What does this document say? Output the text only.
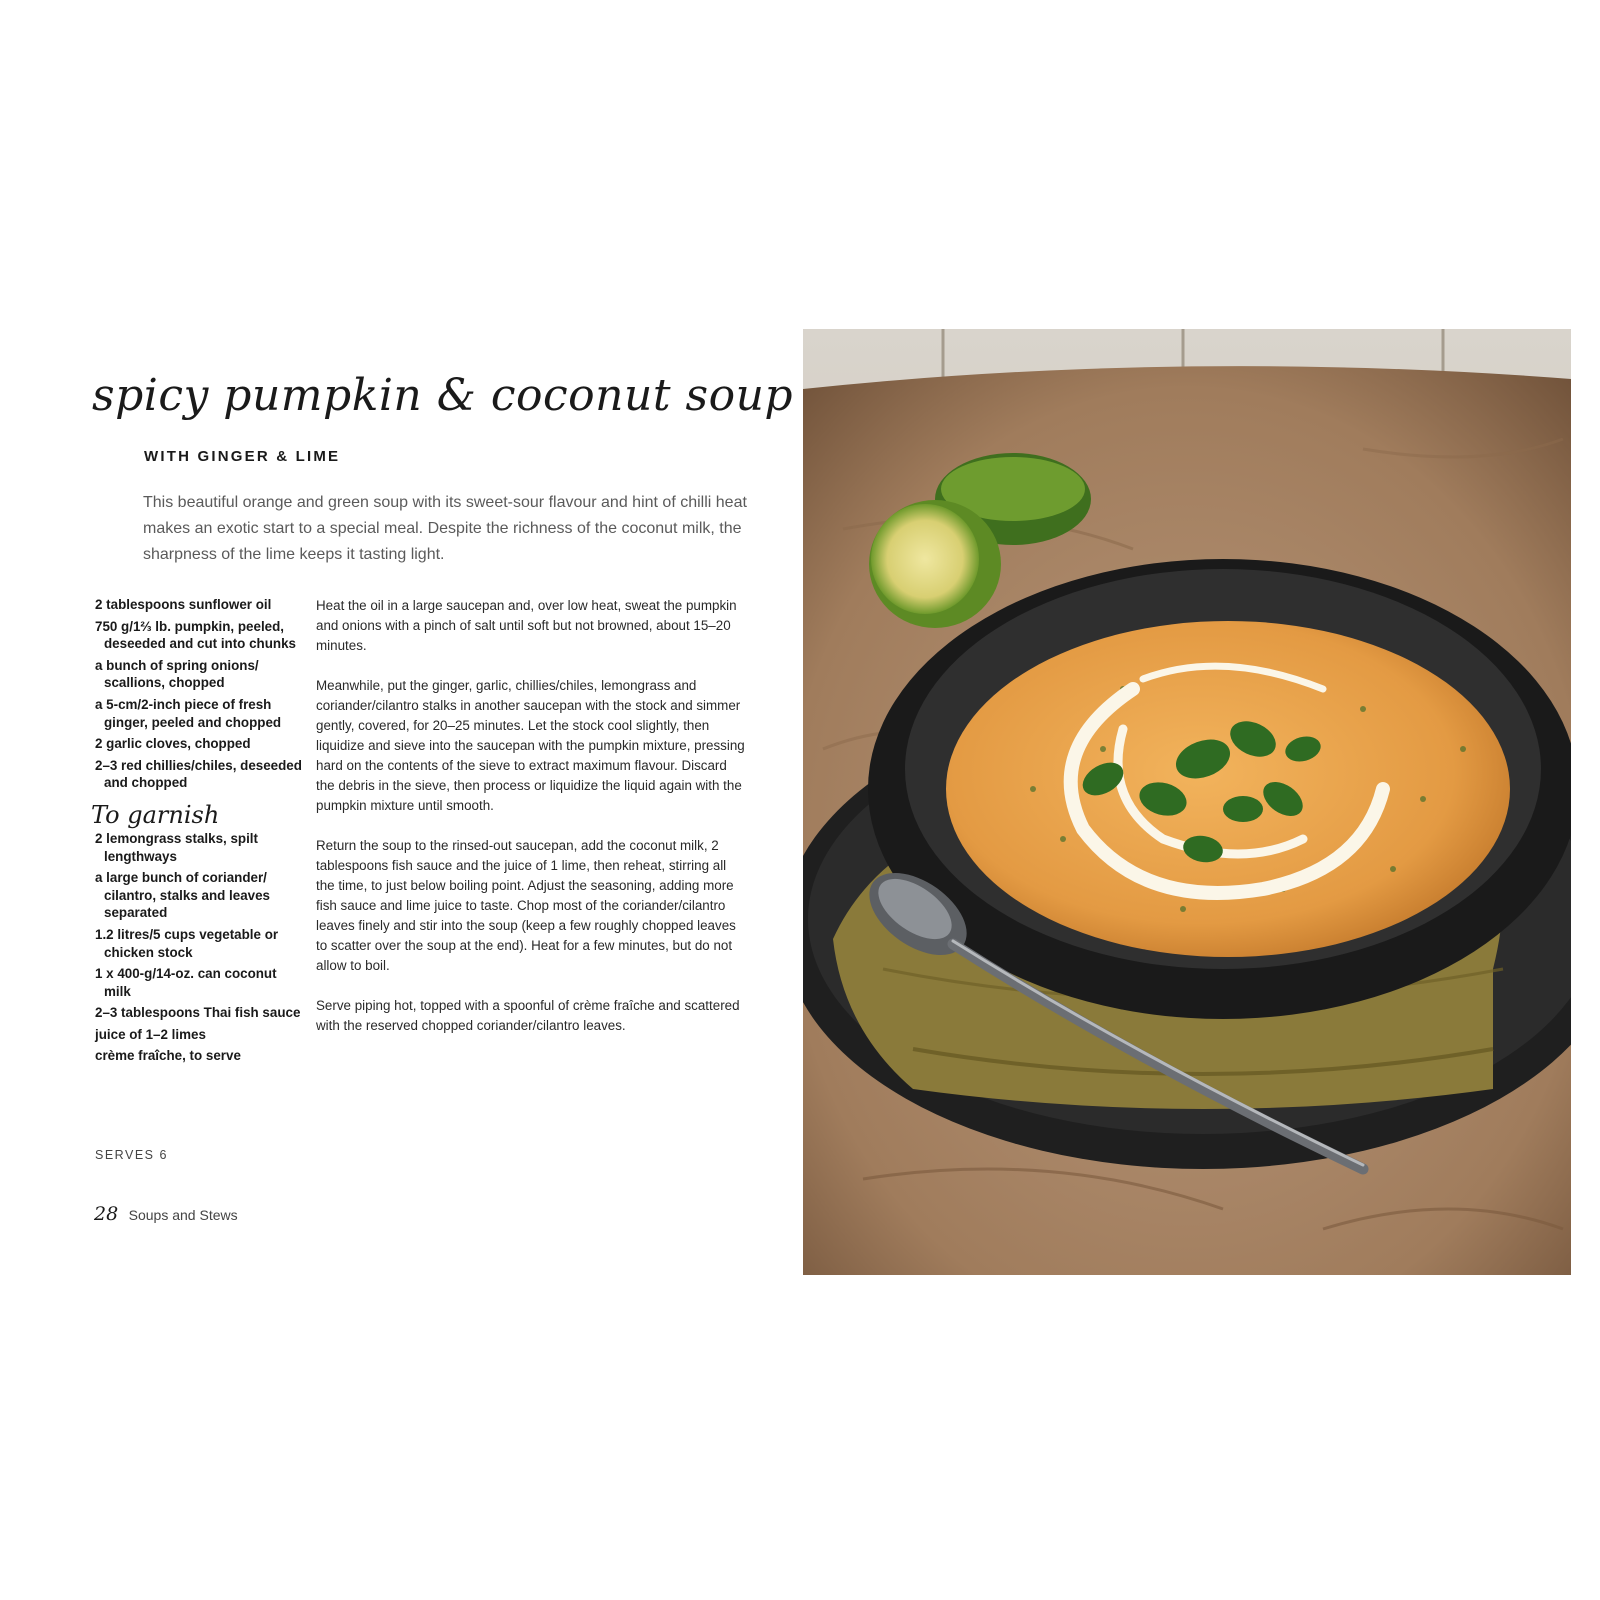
spicy pumpkin & coconut soup
WITH GINGER & LIME
This beautiful orange and green soup with its sweet-sour flavour and hint of chilli heat makes an exotic start to a special meal. Despite the richness of the coconut milk, the sharpness of the lime keeps it tasting light.
2 tablespoons sunflower oil
750 g/1⅔ lb. pumpkin, peeled, deseeded and cut into chunks
a bunch of spring onions/ scallions, chopped
a 5-cm/2-inch piece of fresh ginger, peeled and chopped
2 garlic cloves, chopped
2–3 red chillies/chiles, deseeded and chopped
To garnish
2 lemongrass stalks, spilt lengthways
a large bunch of coriander/ cilantro, stalks and leaves separated
1.2 litres/5 cups vegetable or chicken stock
1 x 400-g/14-oz. can coconut milk
2–3 tablespoons Thai fish sauce
juice of 1–2 limes
crème fraîche, to serve
SERVES 6
28 Soups and Stews

Heat the oil in a large saucepan and, over low heat, sweat the pumpkin and onions with a pinch of salt until soft but not browned, about 15–20 minutes.

Meanwhile, put the ginger, garlic, chillies/chiles, lemongrass and coriander/cilantro stalks in another saucepan with the stock and simmer gently, covered, for 20–25 minutes. Let the stock cool slightly, then liquidize and sieve into the saucepan with the pumpkin mixture, pressing hard on the contents of the sieve to extract maximum flavour. Discard the debris in the sieve, then process or liquidize the liquid again with the pumpkin mixture until smooth.

Return the soup to the rinsed-out saucepan, add the coconut milk, 2 tablespoons fish sauce and the juice of 1 lime, then reheat, stirring all the time, to just below boiling point. Adjust the seasoning, adding more fish sauce and lime juice to taste. Chop most of the coriander/cilantro leaves finely and stir into the soup (keep a few roughly chopped leaves to scatter over the soup at the end). Heat for a few minutes, but do not allow to boil.

Serve piping hot, topped with a spoonful of crème fraîche and scattered with the reserved chopped coriander/cilantro leaves.
